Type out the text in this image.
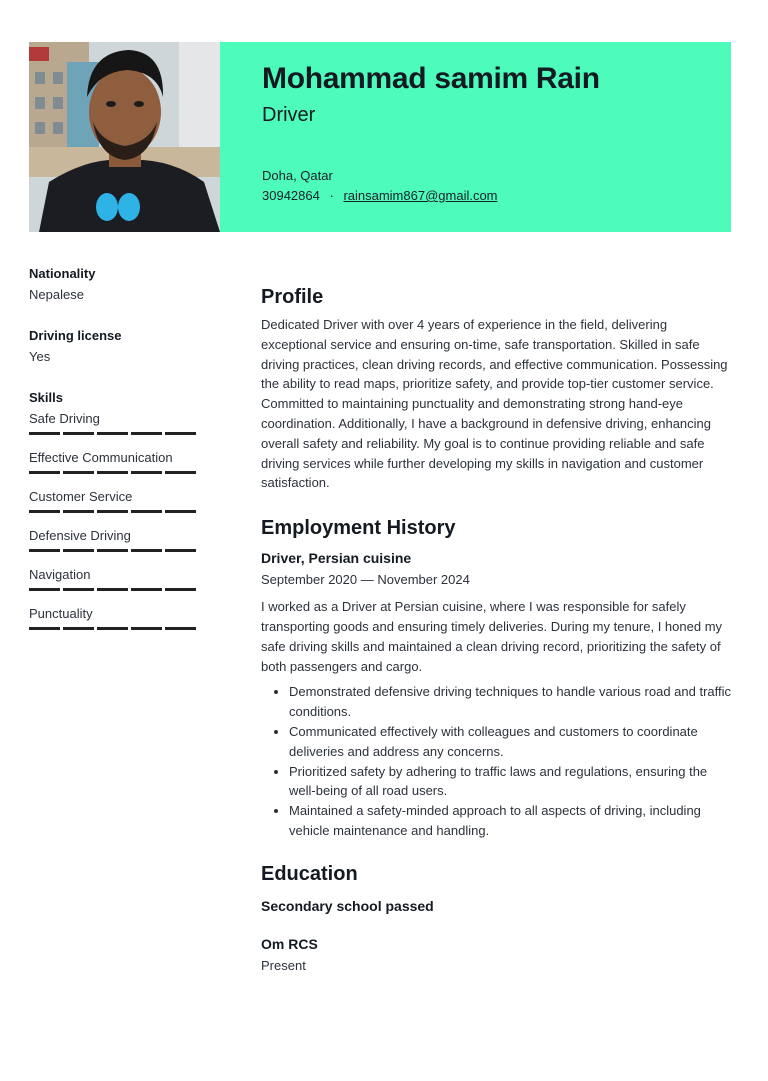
Mohammad samim Rain
Driver
Doha, Qatar
30942864 · rainsamim867@gmail.com
Nationality
Nepalese
Driving license
Yes
Skills
Safe Driving
Effective Communication
Customer Service
Defensive Driving
Navigation
Punctuality
Profile

Dedicated Driver with over 4 years of experience in the field, delivering exceptional service and ensuring on-time, safe transportation. Skilled in safe driving practices, clean driving records, and effective communication. Possessing the ability to read maps, prioritize safety, and provide top-tier customer service. Committed to maintaining punctuality and demonstrating strong hand-eye coordination. Additionally, I have a background in defensive driving, enhancing overall safety and reliability. My goal is to continue providing reliable and safe driving services while further developing my skills in navigation and customer satisfaction.

Employment History
Driver, Persian cuisine
September 2020 — November 2024

I worked as a Driver at Persian cuisine, where I was responsible for safely transporting goods and ensuring timely deliveries. During my tenure, I honed my safe driving skills and maintained a clean driving record, prioritizing the safety of both passengers and cargo.

• Demonstrated defensive driving techniques to handle various road and traffic conditions.
• Communicated effectively with colleagues and customers to coordinate deliveries and address any concerns.
• Prioritized safety by adhering to traffic laws and regulations, ensuring the well-being of all road users.
• Maintained a safety-minded approach to all aspects of driving, including vehicle maintenance and handling.
Education
Secondary school passed
Om RCS
Present
